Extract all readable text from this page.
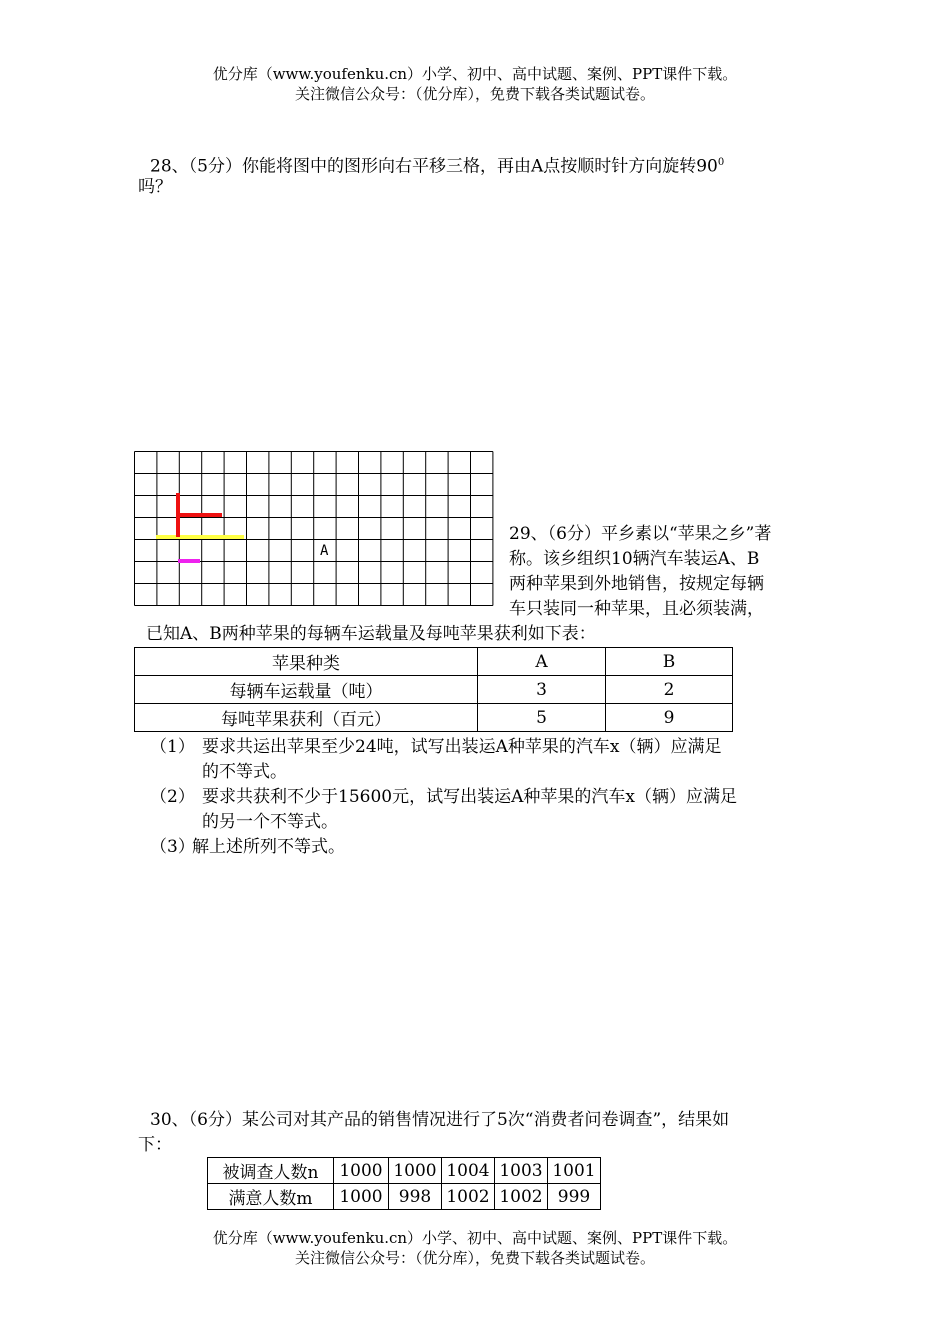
优分库（www.youfenku.cn）小学、初中、高中试题、案例、PPT课件下载。
关注微信公众号：（优分库），免费下载各类试题试卷。
28、（5分）你能将图中的图形向右平移三格，再由A点按顺时针方向旋转$90^0$
吗？
A
29、（6分）平乡素以“苹果之乡”著
称。该乡组织10辆汽车装运A、B
两种苹果到外地销售，按规定每辆
车只装同一种苹果，且必须装满，
已知A、B两种苹果的每辆车运载量及每吨苹果获利如下表：
苹果种类	A	B
每辆车运载量（吨）	3	2
每吨苹果获利（百元）	5	9
（1） 要求共运出苹果至少24吨，试写出装运A种苹果的汽车x（辆）应满足
的不等式。
（2） 要求共获利不少于15600元，试写出装运A种苹果的汽车x（辆）应满足
的另一个不等式。
（3）
解上述所列不等式。
30、（6分）某公司对其产品的销售情况进行了5次“消费者问卷调查”，结果如
下：
被调查人数n	1000	1000	1004	1003	1001
满意人数m	1000	998	1002	1002	999
优分库（www.youfenku.cn）小学、初中、高中试题、案例、PPT课件下载。
关注微信公众号：（优分库），免费下载各类试题试卷。
